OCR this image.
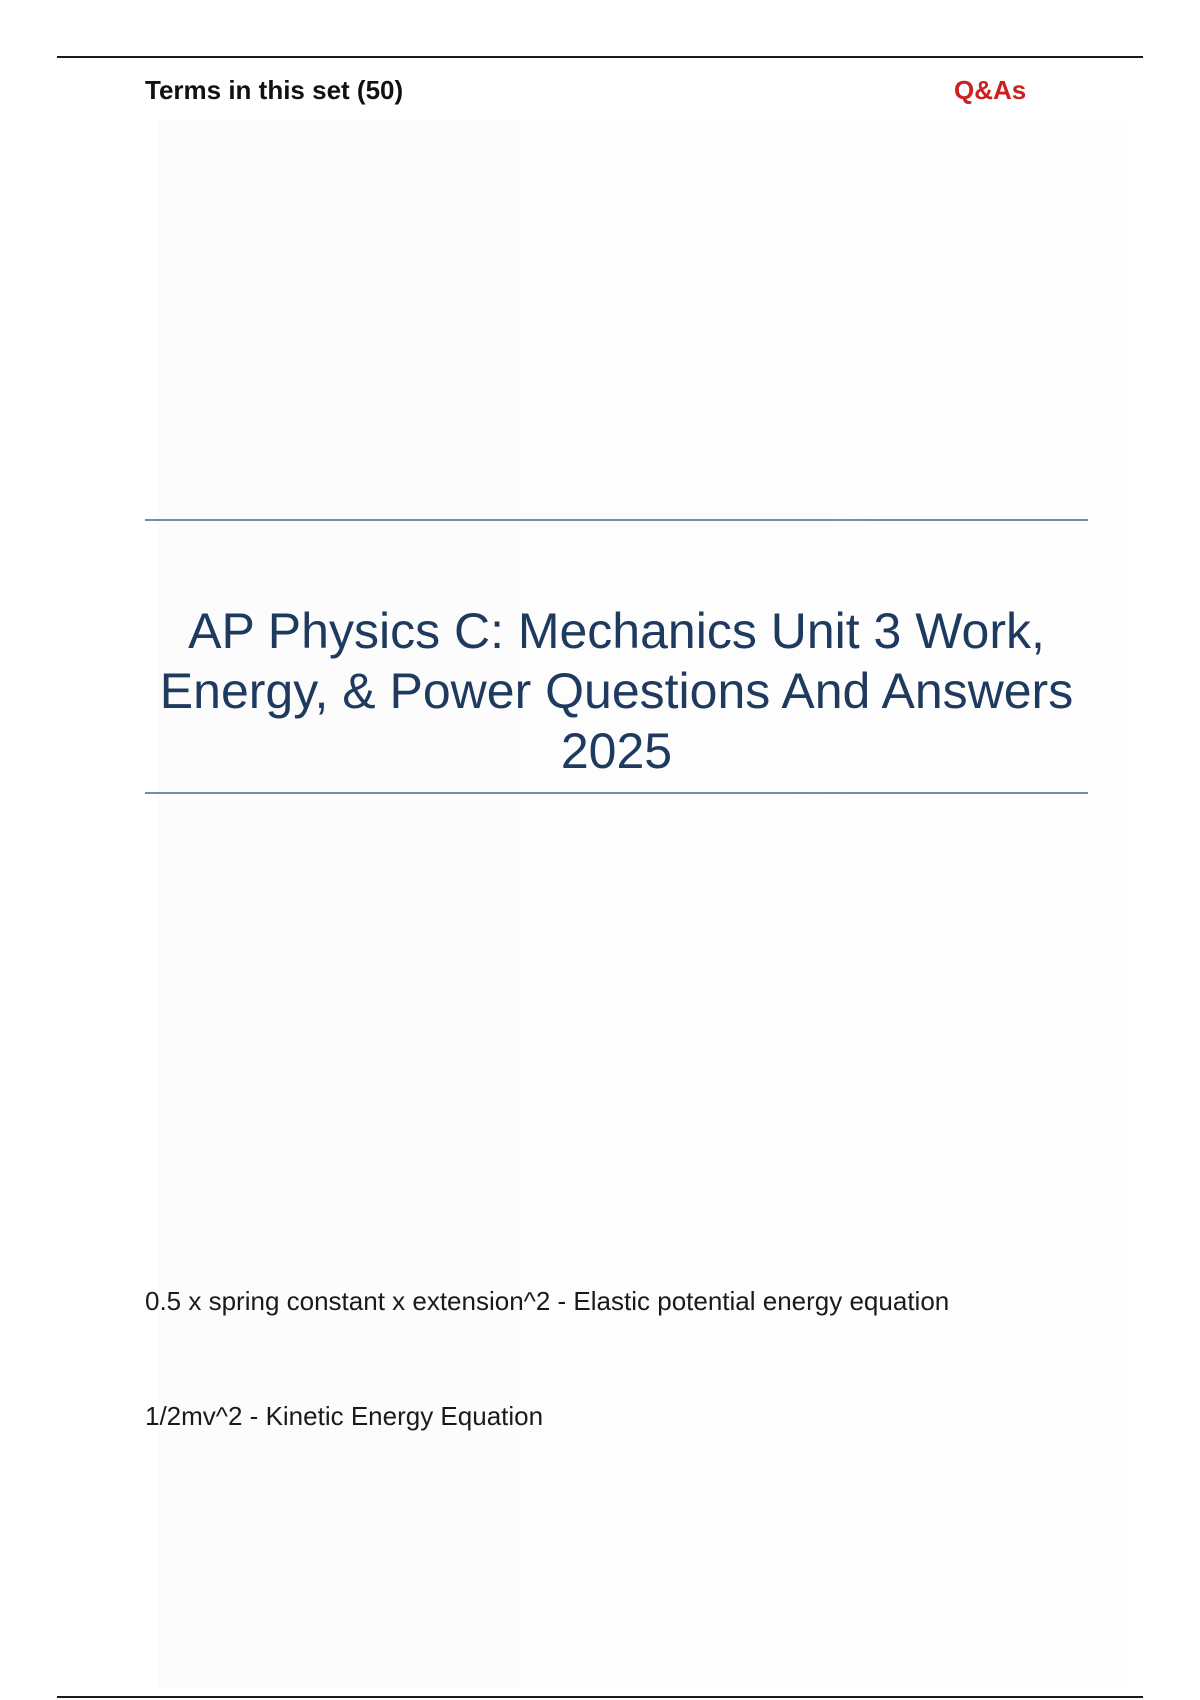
Terms in this set (50)	Q&As
AP Physics C: Mechanics Unit 3 Work, Energy, & Power Questions And Answers 2025
0.5 x spring constant x extension^2 - Elastic potential energy equation
1/2mv^2 - Kinetic Energy Equation
